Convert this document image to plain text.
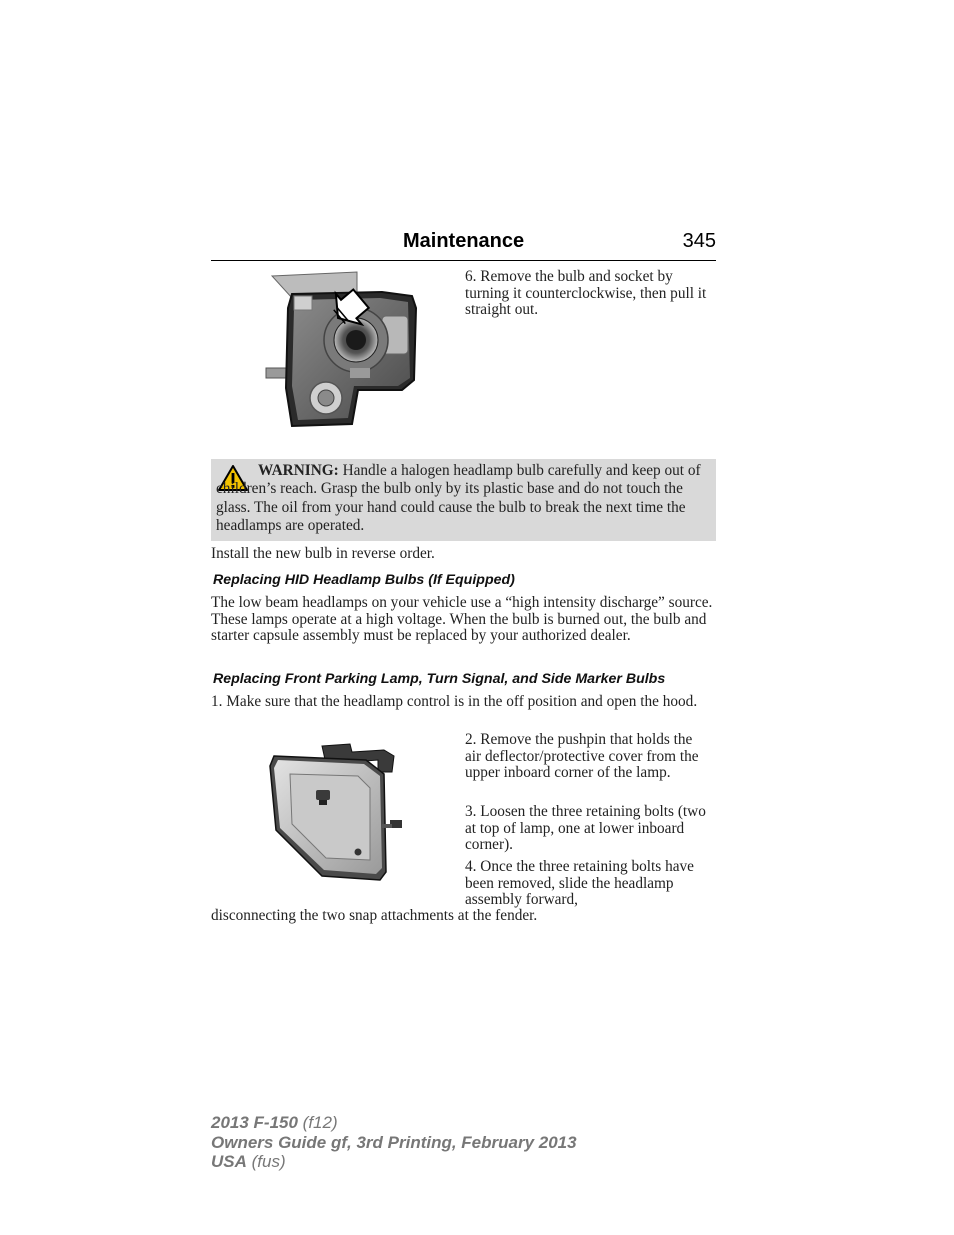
Maintenance	345
6. Remove the bulb and socket by turning it counterclockwise, then pull it straight out.
WARNING: Handle a halogen headlamp bulb carefully and keep out of children’s reach. Grasp the bulb only by its plastic base and do not touch the glass. The oil from your hand could cause the bulb to break the next time the headlamps are operated.
Install the new bulb in reverse order.
Replacing HID Headlamp Bulbs (If Equipped)
The low beam headlamps on your vehicle use a “high intensity discharge” source. These lamps operate at a high voltage. When the bulb is burned out, the bulb and starter capsule assembly must be replaced by your authorized dealer.
Replacing Front Parking Lamp, Turn Signal, and Side Marker Bulbs
1. Make sure that the headlamp control is in the off position and open the hood.
2. Remove the pushpin that holds the air deflector/protective cover from the upper inboard corner of the lamp.
3. Loosen the three retaining bolts (two at top of lamp, one at lower inboard corner).
4. Once the three retaining bolts have been removed, slide the headlamp assembly forward,
disconnecting the two snap attachments at the fender.
2013 F-150 (f12)
Owners Guide gf, 3rd Printing, February 2013
USA (fus)
